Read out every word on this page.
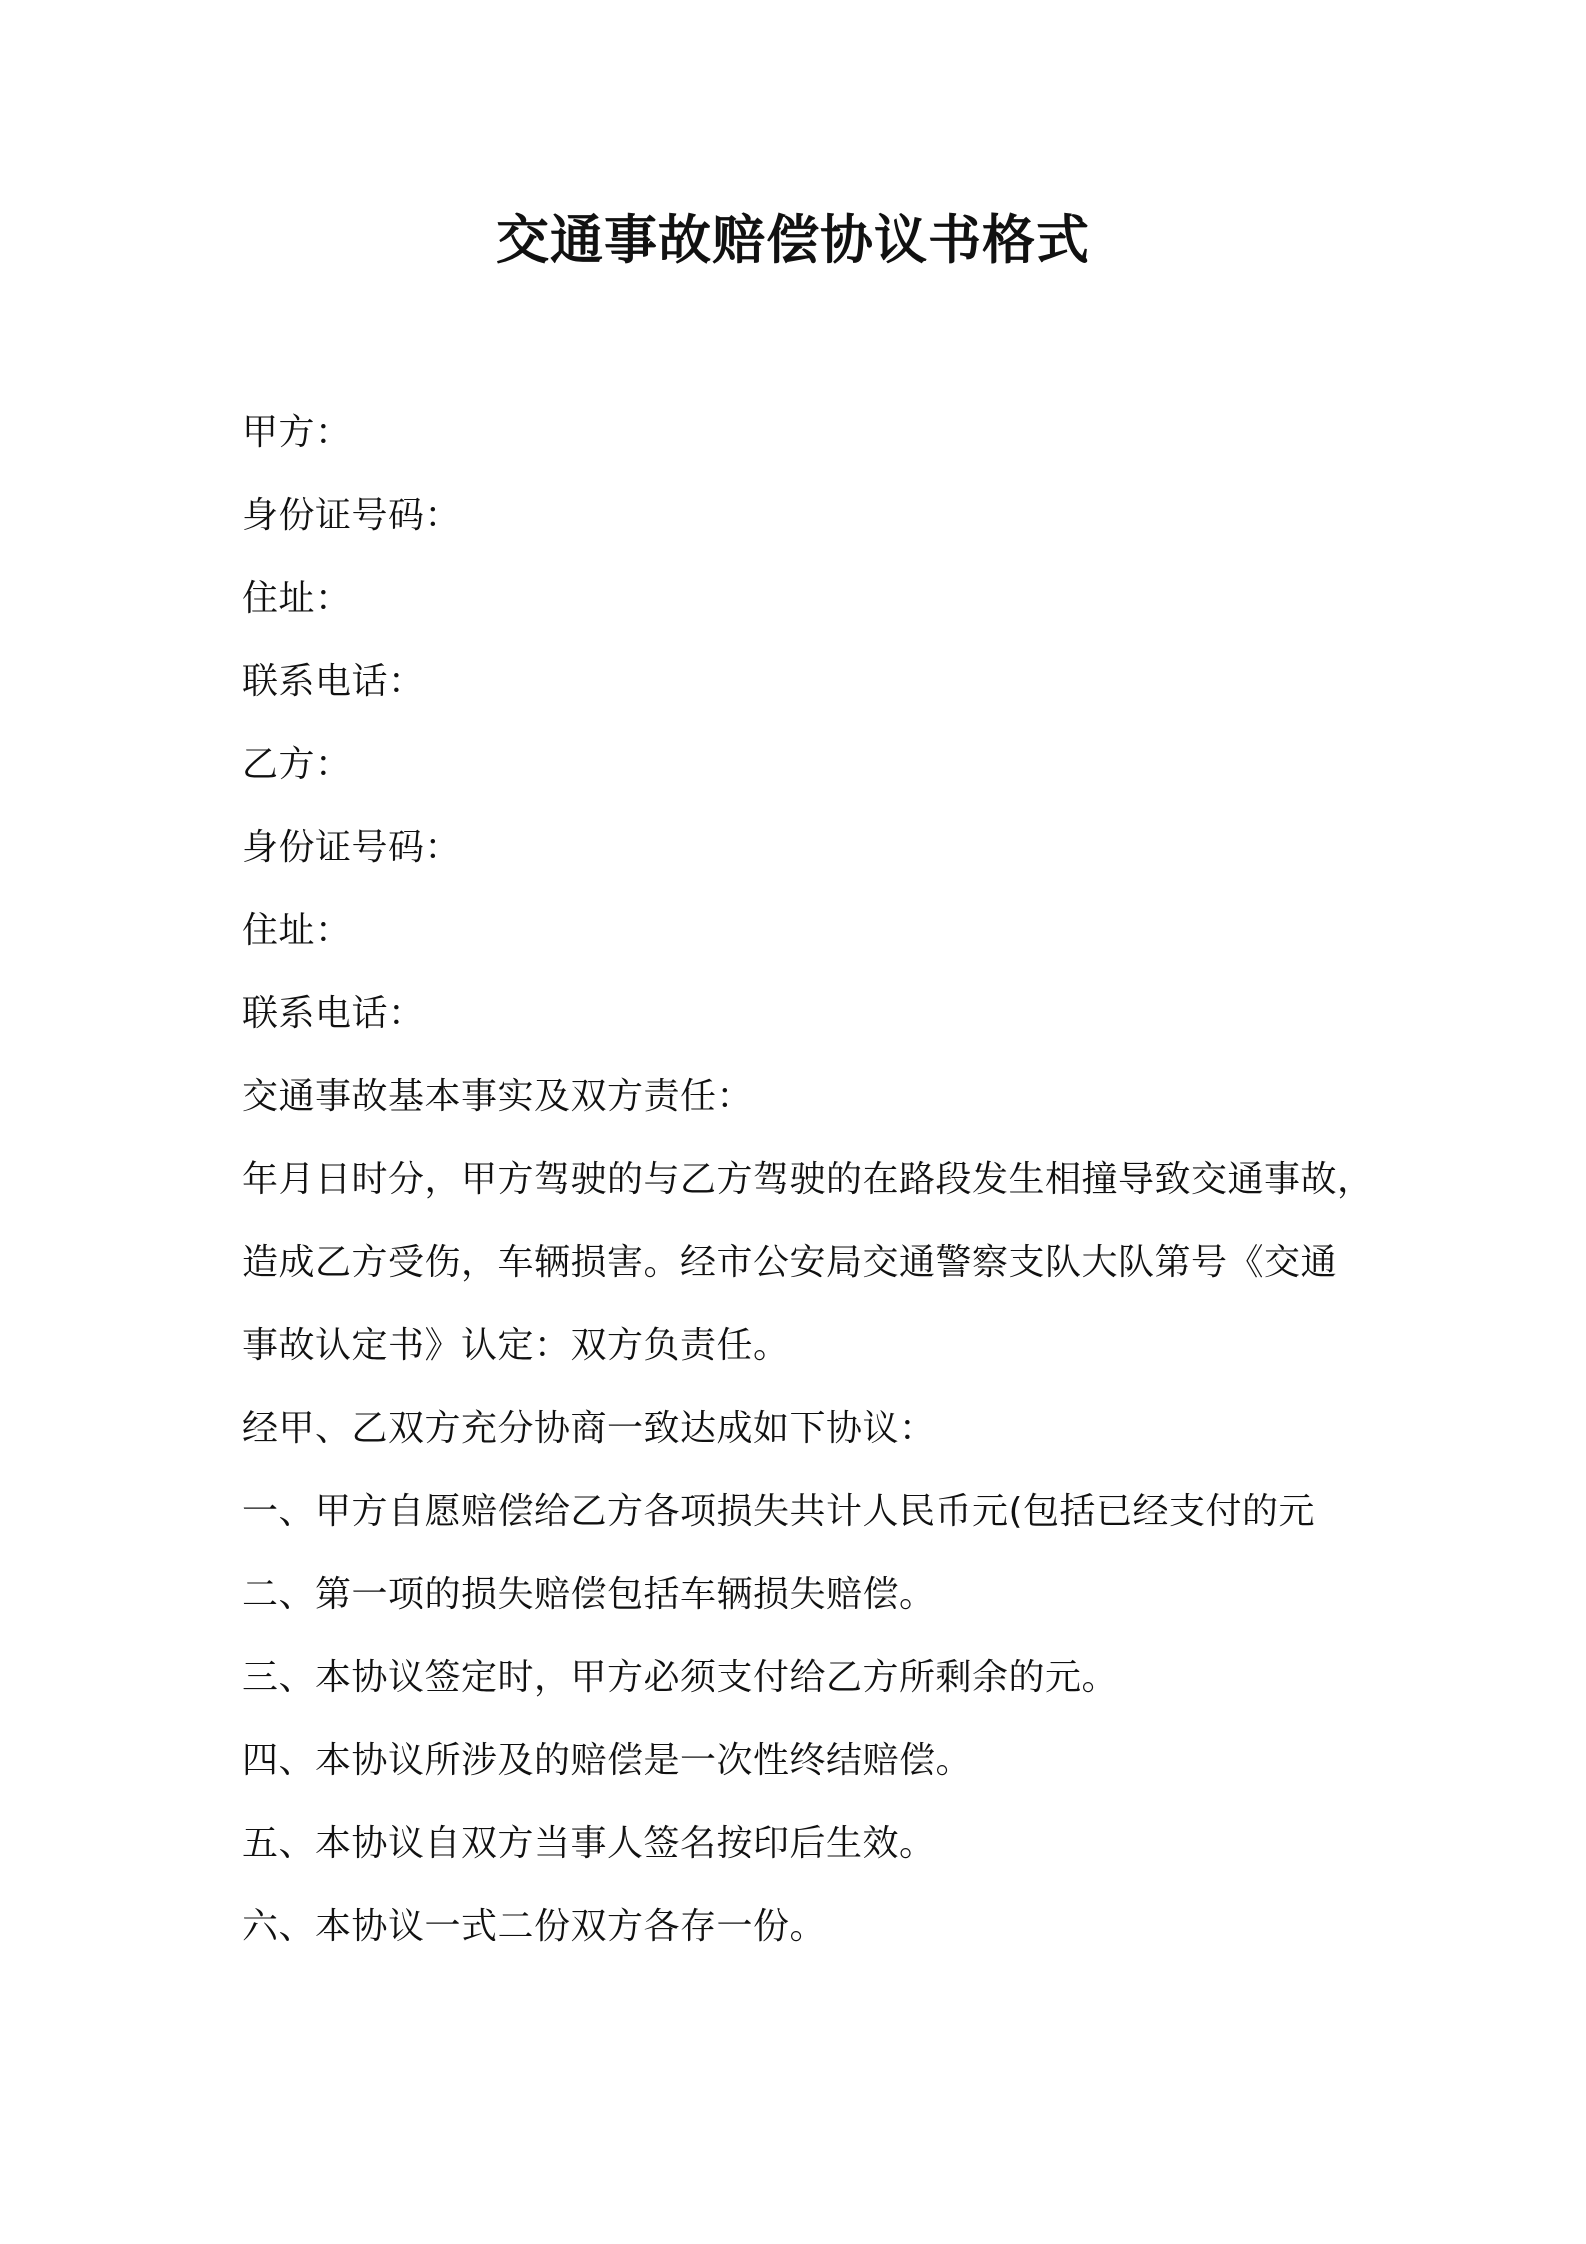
交通事故赔偿协议书格式
甲方：
身份证号码：
住址：
联系电话：
乙方：
身份证号码：
住址：
联系电话：
交通事故基本事实及双方责任：
年月日时分，甲方驾驶的与乙方驾驶的在路段发生相撞导致交通事故，
造成乙方受伤，车辆损害。经市公安局交通警察支队大队第号《交通
事故认定书》认定：双方负责任。
经甲、乙双方充分协商一致达成如下协议：
一、甲方自愿赔偿给乙方各项损失共计人民币元(包括已经支付的元
二、第一项的损失赔偿包括车辆损失赔偿。
三、本协议签定时，甲方必须支付给乙方所剩余的元。
四、本协议所涉及的赔偿是一次性终结赔偿。
五、本协议自双方当事人签名按印后生效。
六、本协议一式二份双方各存一份。
